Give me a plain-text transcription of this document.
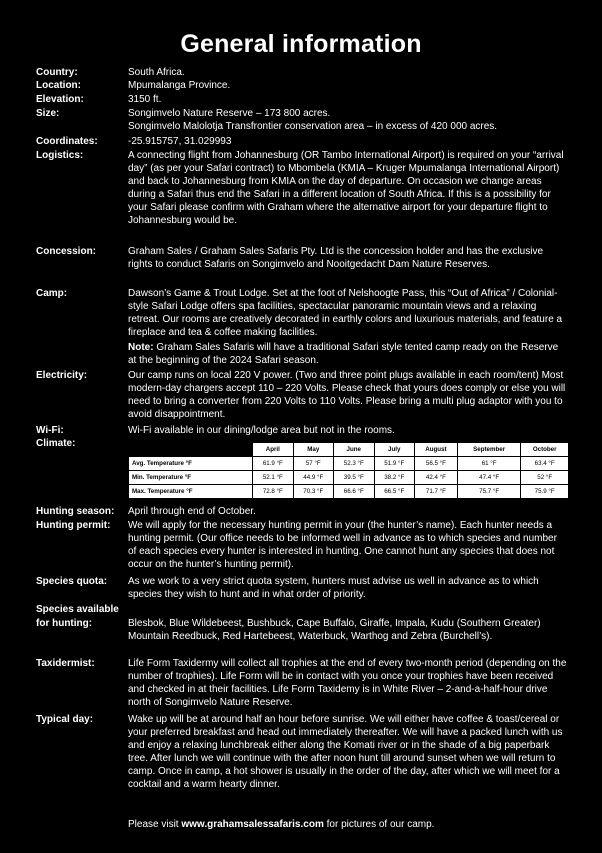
General information
Country:	South Africa.
Location:	Mpumalanga Province.
Elevation:	3150 ft.
Size:	Songimvelo Nature Reserve – 173 800 acres.
Songimvelo Malolotja Transfrontier conservation area – in excess of 420 000 acres.
Coordinates:	-25.915757, 31.029993
Logistics:	A connecting flight from Johannesburg (OR Tambo International Airport) is required on your “arrival day” (as per your Safari contract) to Mbombela (KMIA – Kruger Mpumalanga International Airport) and back to Johannesburg from KMIA on the day of departure. On occasion we change areas during a Safari thus end the Safari in a different location of South Africa. If this is a possibility for your Safari please confirm with Graham where the alternative airport for your departure flight to Johannesburg would be.
Concession:	Graham Sales / Graham Sales Safaris Pty. Ltd is the concession holder and has the exclusive rights to conduct Safaris on Songimvelo and Nooitgedacht Dam Nature Reserves.
Camp:	Dawson’s Game & Trout Lodge. Set at the foot of Nelshoogte Pass, this “Out of Africa” / Colonial-style Safari Lodge offers spa facilities, spectacular panoramic mountain views and a relaxing retreat. Our rooms are creatively decorated in earthly colors and luxurious materials, and feature a fireplace and tea & coffee making facilities.
Note: Graham Sales Safaris will have a traditional Safari style tented camp ready on the Reserve at the beginning of the 2024 Safari season.
Electricity:	Our camp runs on local 220 V power. (Two and three point plugs available in each room/tent) Most modern-day chargers accept 110 – 220 Volts. Please check that yours does comply or else you will need to bring a converter from 220 Volts to 110 Volts. Please bring a multi plug adaptor with you to avoid disappointment.
Wi-Fi:	Wi-Fi available in our dining/lodge area but not in the rooms.
Climate:
	April	May	June	July	August	September	October
Avg. Temperature °F	61.9 °F	57 °F	52.3 °F	51.9 °F	56.5 °F	61 °F	63.4 °F
Min. Temperature °F	52.1 °F	44.9 °F	39.5 °F	38.2 °F	42.4 °F	47.4 °F	52 °F
Max. Temperature °F	72.8 °F	70.3 °F	66.6 °F	66.5 °F	71.7 °F	75.7 °F	75.9 °F
Hunting season: April through end of October.
Hunting permit: We will apply for the necessary hunting permit in your (the hunter’s name). Each hunter needs a hunting permit. (Our office needs to be informed well in advance as to which species and number of each species every hunter is interested in hunting. One cannot hunt any species that does not occur on the hunter’s hunting permit).
Species quota: As we work to a very strict quota system, hunters must advise us well in advance as to which species they wish to hunt and in what order of priority.
Species available
for hunting:	Blesbok, Blue Wildebeest, Bushbuck, Cape Buffalo, Giraffe, Impala, Kudu (Southern Greater) Mountain Reedbuck, Red Hartebeest, Waterbuck, Warthog and Zebra (Burchell’s).
Taxidermist:	Life Form Taxidermy will collect all trophies at the end of every two-month period (depending on the number of trophies). Life Form will be in contact with you once your trophies have been received and checked in at their facilities. Life Form Taxidemy is in White River – 2-and-a-half-hour drive north of Songimvelo Nature Reserve.
Typical day:	Wake up will be at around half an hour before sunrise. We will either have coffee & toast/cereal or your preferred breakfast and head out immediately thereafter. We will have a packed lunch with us and enjoy a relaxing lunchbreak either along the Komati river or in the shade of a big paperbark tree. After lunch we will continue with the after noon hunt till around sunset when we will return to camp. Once in camp, a hot shower is usually in the order of the day, after which we will meet for a cocktail and a warm hearty dinner.
Please visit www.grahamsalessafaris.com for pictures of our camp.
